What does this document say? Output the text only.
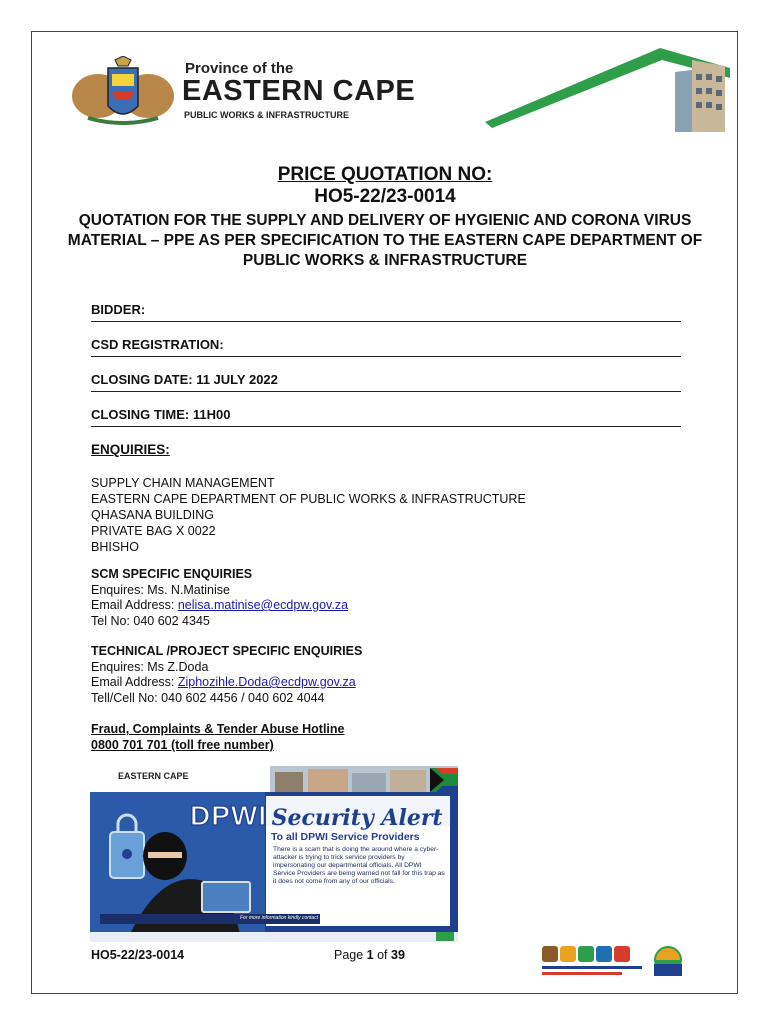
Province of the
EASTERN CAPE
PUBLIC WORKS & INFRASTRUCTURE

PRICE QUOTATION NO:

HO5-22/23-0014

QUOTATION FOR THE SUPPLY AND DELIVERY OF HYGIENIC AND CORONA VIRUS MATERIAL – PPE AS PER SPECIFICATION TO THE EASTERN CAPE DEPARTMENT OF PUBLIC WORKS & INFRASTRUCTURE

BIDDER:
CSD REGISTRATION:
CLOSING DATE: 11 JULY 2022
CLOSING TIME: 11H00
ENQUIRIES:
SUPPLY CHAIN MANAGEMENT
EASTERN CAPE DEPARTMENT OF PUBLIC WORKS & INFRASTRUCTURE
QHASANA BUILDING
PRIVATE BAG X 0022
BHISHO
SCM SPECIFIC ENQUIRIES
Enquires: Ms. N.Matinise
Email Address: nelisa.matinise@ecdpw.gov.za
Tel No: 040 602 4345
TECHNICAL /PROJECT SPECIFIC ENQUIRIES
Enquires: Ms Z.Doda
Email Address: Ziphozihle.Doda@ecdpw.gov.za
Tell/Cell No: 040 602 4456 / 040 602 4044
Fraud, Complaints & Tender Abuse Hotline
0800 701 701 (toll free number)
EASTERN CAPE
DPWI Security Alert
To all DPWI Service Providers
There is a scam that is doing the around where a cyber-attacker is trying to trick service providers by impersonating our departmental officials. All DPWI Service Providers are being warned not fall for this trap as it does not come from any of our officials.
For more information kindly contact @ ictsecurity@ecdpw.gov.za
HO5-22/23-0014	Page 1 of 39
